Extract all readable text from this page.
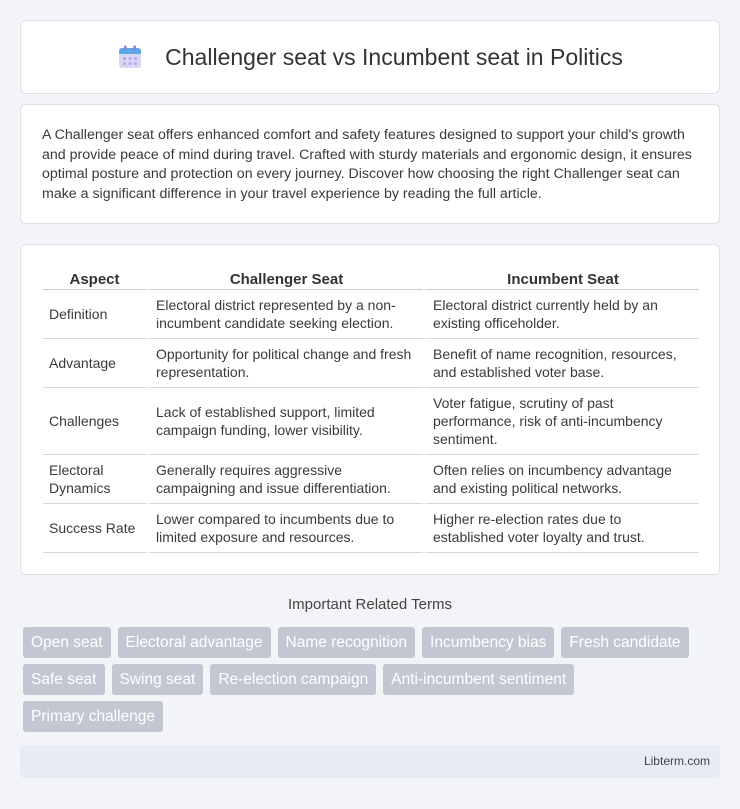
Challenger seat vs Incumbent seat in Politics

A Challenger seat offers enhanced comfort and safety features designed to support your child's growth and provide peace of mind during travel. Crafted with sturdy materials and ergonomic design, it ensures optimal posture and protection on every journey. Discover how choosing the right Challenger seat can make a significant difference in your travel experience by reading the full article.

Aspect	Challenger Seat	Incumbent Seat
Definition	Electoral district represented by a non-incumbent candidate seeking election.	Electoral district currently held by an existing officeholder.
Advantage	Opportunity for political change and fresh representation.	Benefit of name recognition, resources, and established voter base.
Challenges	Lack of established support, limited campaign funding, lower visibility.	Voter fatigue, scrutiny of past performance, risk of anti-incumbency sentiment.
Electoral Dynamics	Generally requires aggressive campaigning and issue differentiation.	Often relies on incumbency advantage and existing political networks.
Success Rate	Lower compared to incumbents due to limited exposure and resources.	Higher re-election rates due to established voter loyalty and trust.
Important Related Terms
Open seat	Electoral advantage	Name recognition	Incumbency bias	Fresh candidate
Safe seat	Swing seat	Re-election campaign	Anti-incumbent sentiment
Primary challenge
Libterm.com
